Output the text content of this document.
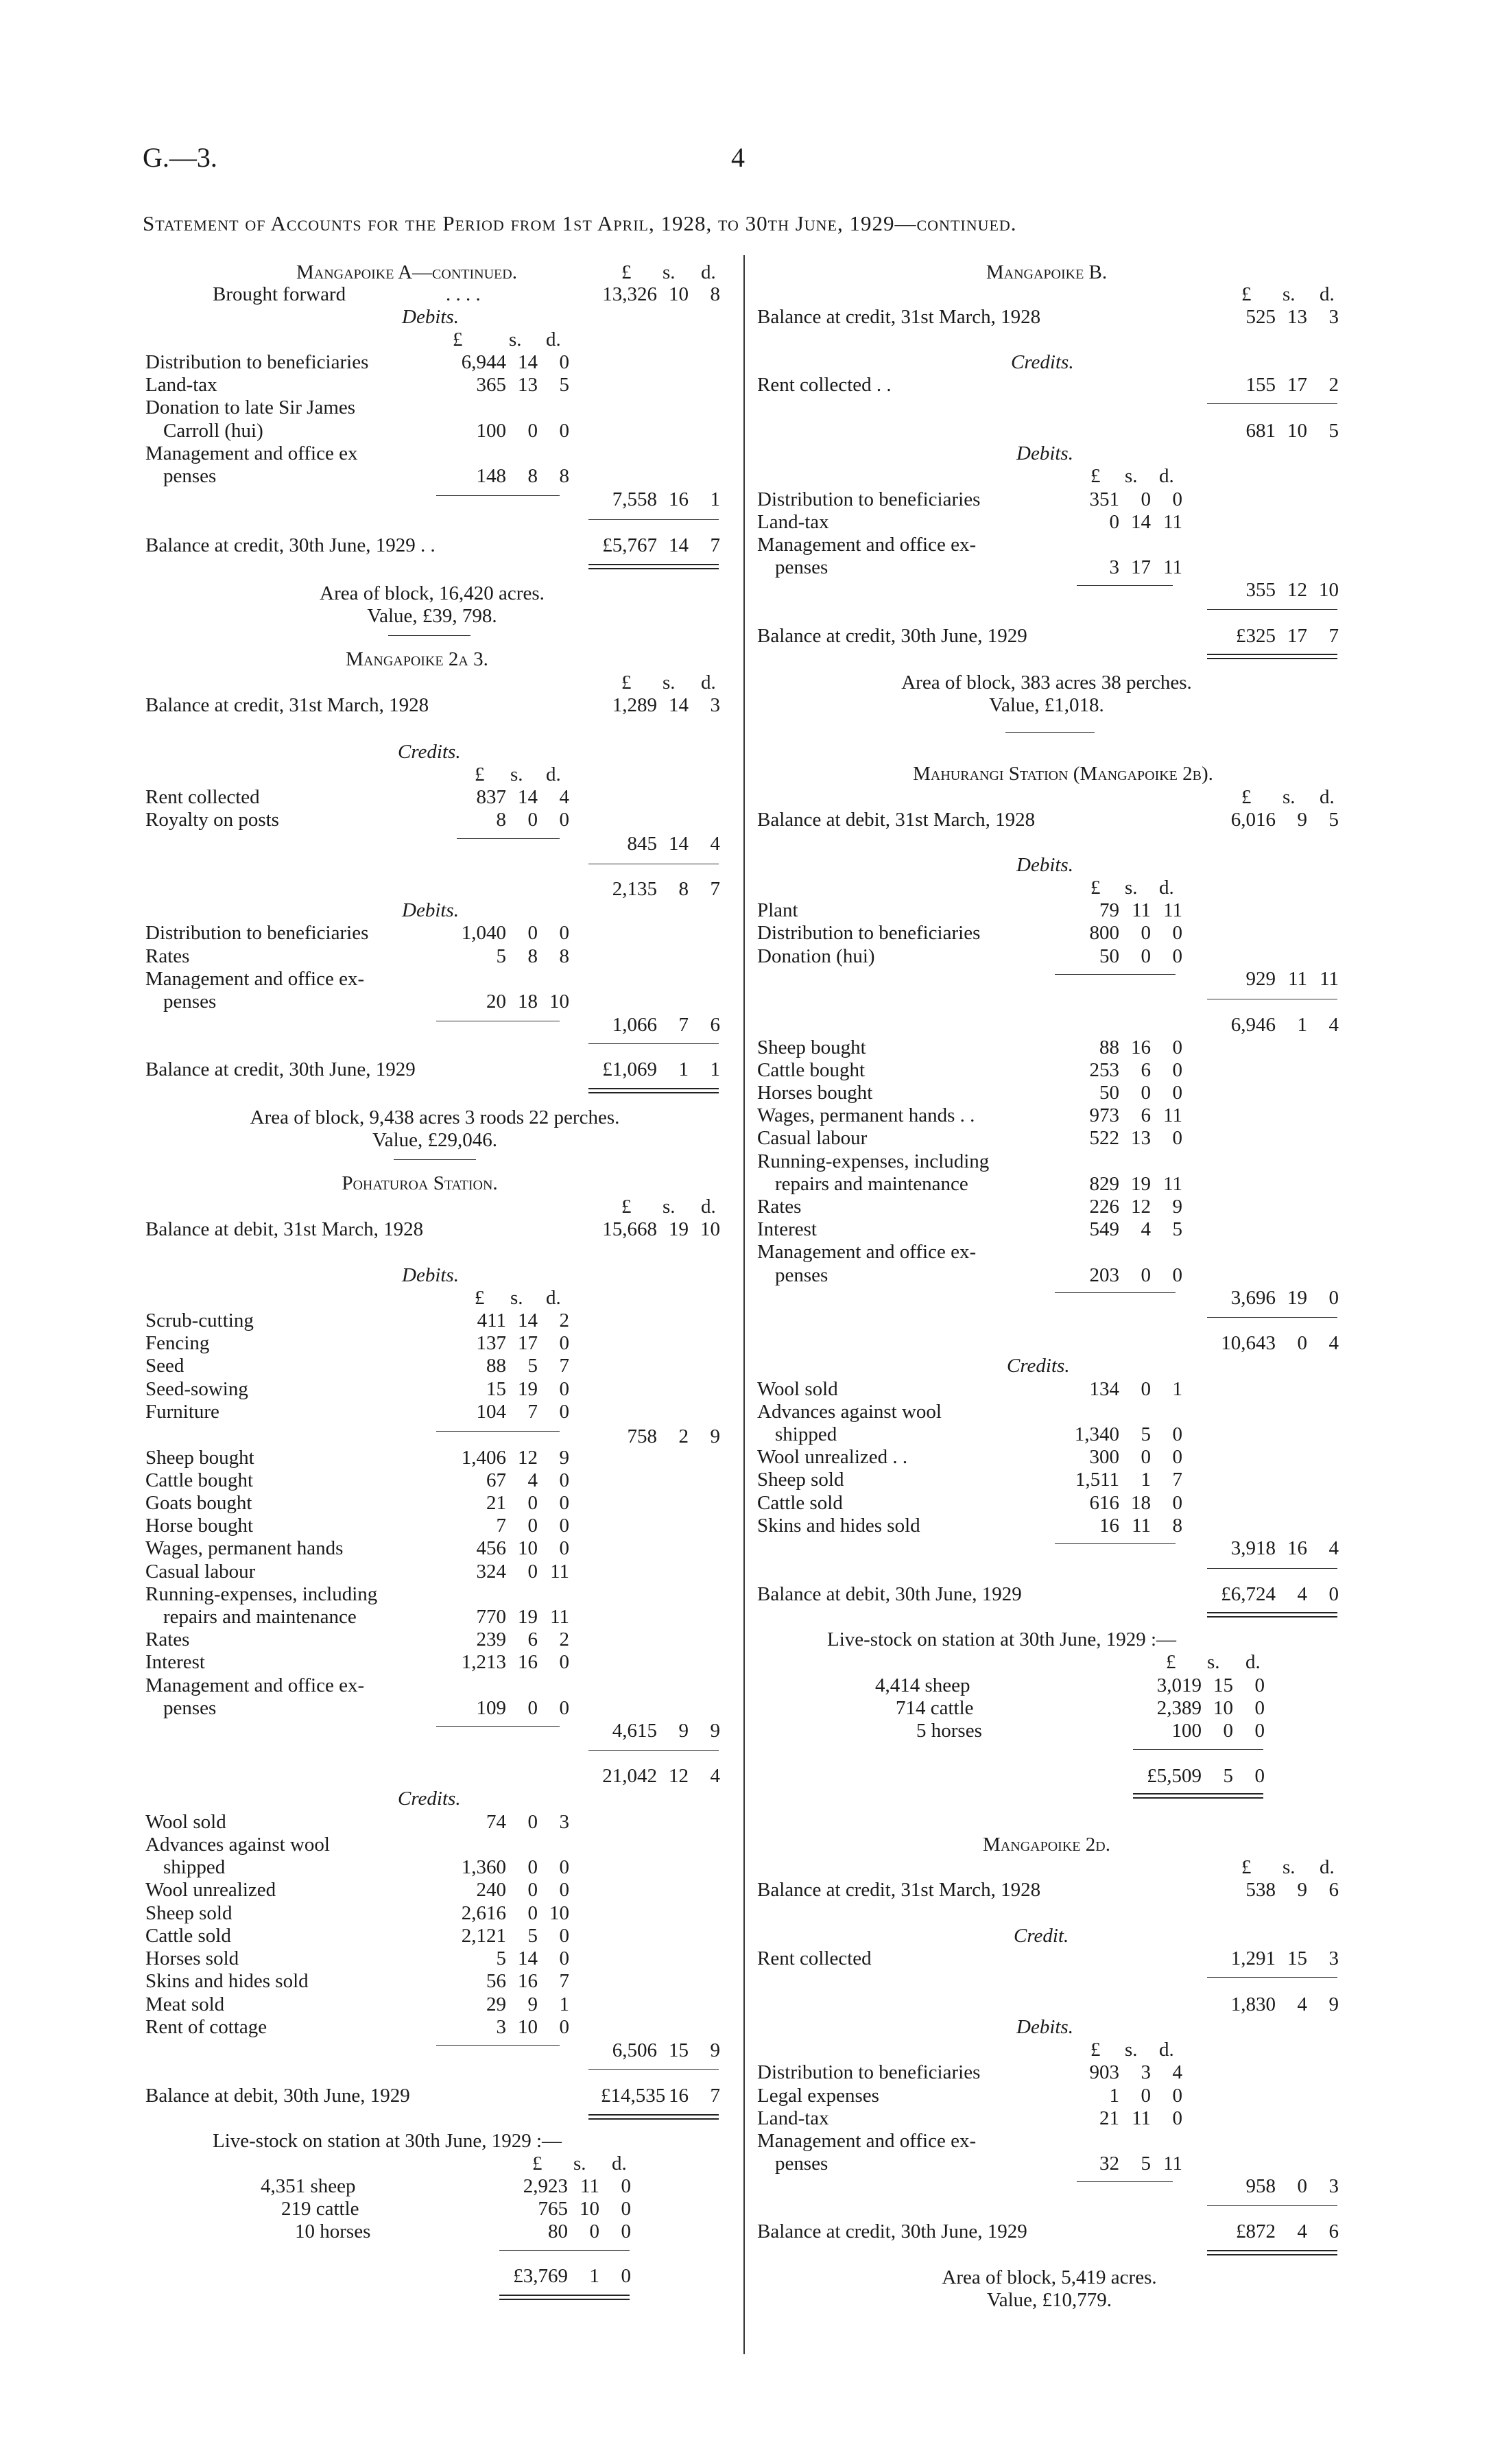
G.—3.	4
Statement of Accounts for the Period from 1st April, 1928, to 30th June, 1929—continued.
Mangapoike A—continued.	£ s. d.
Brought forward	. . . .	13,326 10 8
Debits.
£ s. d.
Distribution to beneficiaries	6,944 14 0
Land-tax	365 13 5
Donation to late Sir James
Carroll (hui)	100 0 0
Management and office ex
penses	148 8 8
7,558 16 1
Balance at credit, 30th June, 1929 . .	£5,767 14 7
Area of block, 16,420 acres.
Value, £39, 798.
Mangapoike 2a 3.
£ s. d.
Balance at credit, 31st March, 1928	1,289 14 3
Credits.
£ s. d.
Rent collected	837 14 4
Royalty on posts	8 0 0
845 14 4
2,135 8 7
Debits.
Distribution to beneficiaries	1,040 0 0
Rates	5 8 8
Management and office ex-
penses	20 18 10
1,066 7 6
Balance at credit, 30th June, 1929	£1,069 1 1
Area of block, 9,438 acres 3 roods 22 perches.
Value, £29,046.
Pohaturoa Station.
£ s. d.
Balance at debit, 31st March, 1928	15,668 19 10
Debits.
£ s. d.
Scrub-cutting	411 14 2
Fencing	137 17 0
Seed	88 5 7
Seed-sowing	15 19 0
Furniture	104 7 0
758 2 9
Sheep bought	1,406 12 9
Cattle bought	67 4 0
Goats bought	21 0 0
Horse bought	7 0 0
Wages, permanent hands	456 10 0
Casual labour	324 0 11
Running-expenses, including
repairs and maintenance	770 19 11
Rates	239 6 2
Interest	1,213 16 0
Management and office ex-
penses	109 0 0
4,615 9 9
21,042 12 4
Credits.
Wool sold	74 0 3
Advances against wool
shipped	1,360 0 0
Wool unrealized	240 0 0
Sheep sold	2,616 0 10
Cattle sold	2,121 5 0
Horses sold	5 14 0
Skins and hides sold	56 16 7
Meat sold	29 9 1
Rent of cottage	3 10 0
6,506 15 9
Balance at debit, 30th June, 1929	£14,535 16 7
Live-stock on station at 30th June, 1929 :—
£ s. d.
4,351 sheep	2,923 11 0
219 cattle	765 10 0
10 horses	80 0 0
£3,769 1 0
Mangapoike B.
£ s. d.
Balance at credit, 31st March, 1928	525 13 3
Credits.
Rent collected . .	155 17 2
681 10 5
Debits.
£ s. d.
Distribution to beneficiaries	351 0 0
Land-tax	0 14 11
Management and office ex-
penses	3 17 11
355 12 10
Balance at credit, 30th June, 1929	£325 17 7
Area of block, 383 acres 38 perches.
Value, £1,018.
Mahurangi Station (Mangapoike 2b).
£ s. d.
Balance at debit, 31st March, 1928	6,016 9 5
Debits.
£ s. d.
Plant	79 11 11
Distribution to beneficiaries	800 0 0
Donation (hui)	50 0 0
929 11 11
6,946 1 4
Sheep bought	88 16 0
Cattle bought	253 6 0
Horses bought	50 0 0
Wages, permanent hands . .	973 6 11
Casual labour	522 13 0
Running-expenses, including
repairs and maintenance	829 19 11
Rates	226 12 9
Interest	549 4 5
Management and office ex-
penses	203 0 0
3,696 19 0
10,643 0 4
Credits.
Wool sold	134 0 1
Advances against wool
shipped	1,340 5 0
Wool unrealized . .	300 0 0
Sheep sold	1,511 1 7
Cattle sold	616 18 0
Skins and hides sold	16 11 8
3,918 16 4
Balance at debit, 30th June, 1929	£6,724 4 0
Live-stock on station at 30th June, 1929 :—
£ s. d.
4,414 sheep	3,019 15 0
714 cattle	2,389 10 0
5 horses	100 0 0
£5,509 5 0
Mangapoike 2d.
£ s. d.
Balance at credit, 31st March, 1928	538 9 6
Credit.
Rent collected	1,291 15 3
1,830 4 9
Debits.
£ s. d.
Distribution to beneficiaries	903 3 4
Legal expenses	1 0 0
Land-tax	21 11 0
Management and office ex-
penses	32 5 11
958 0 3
Balance at credit, 30th June, 1929	£872 4 6
Area of block, 5,419 acres.
Value, £10,779.
